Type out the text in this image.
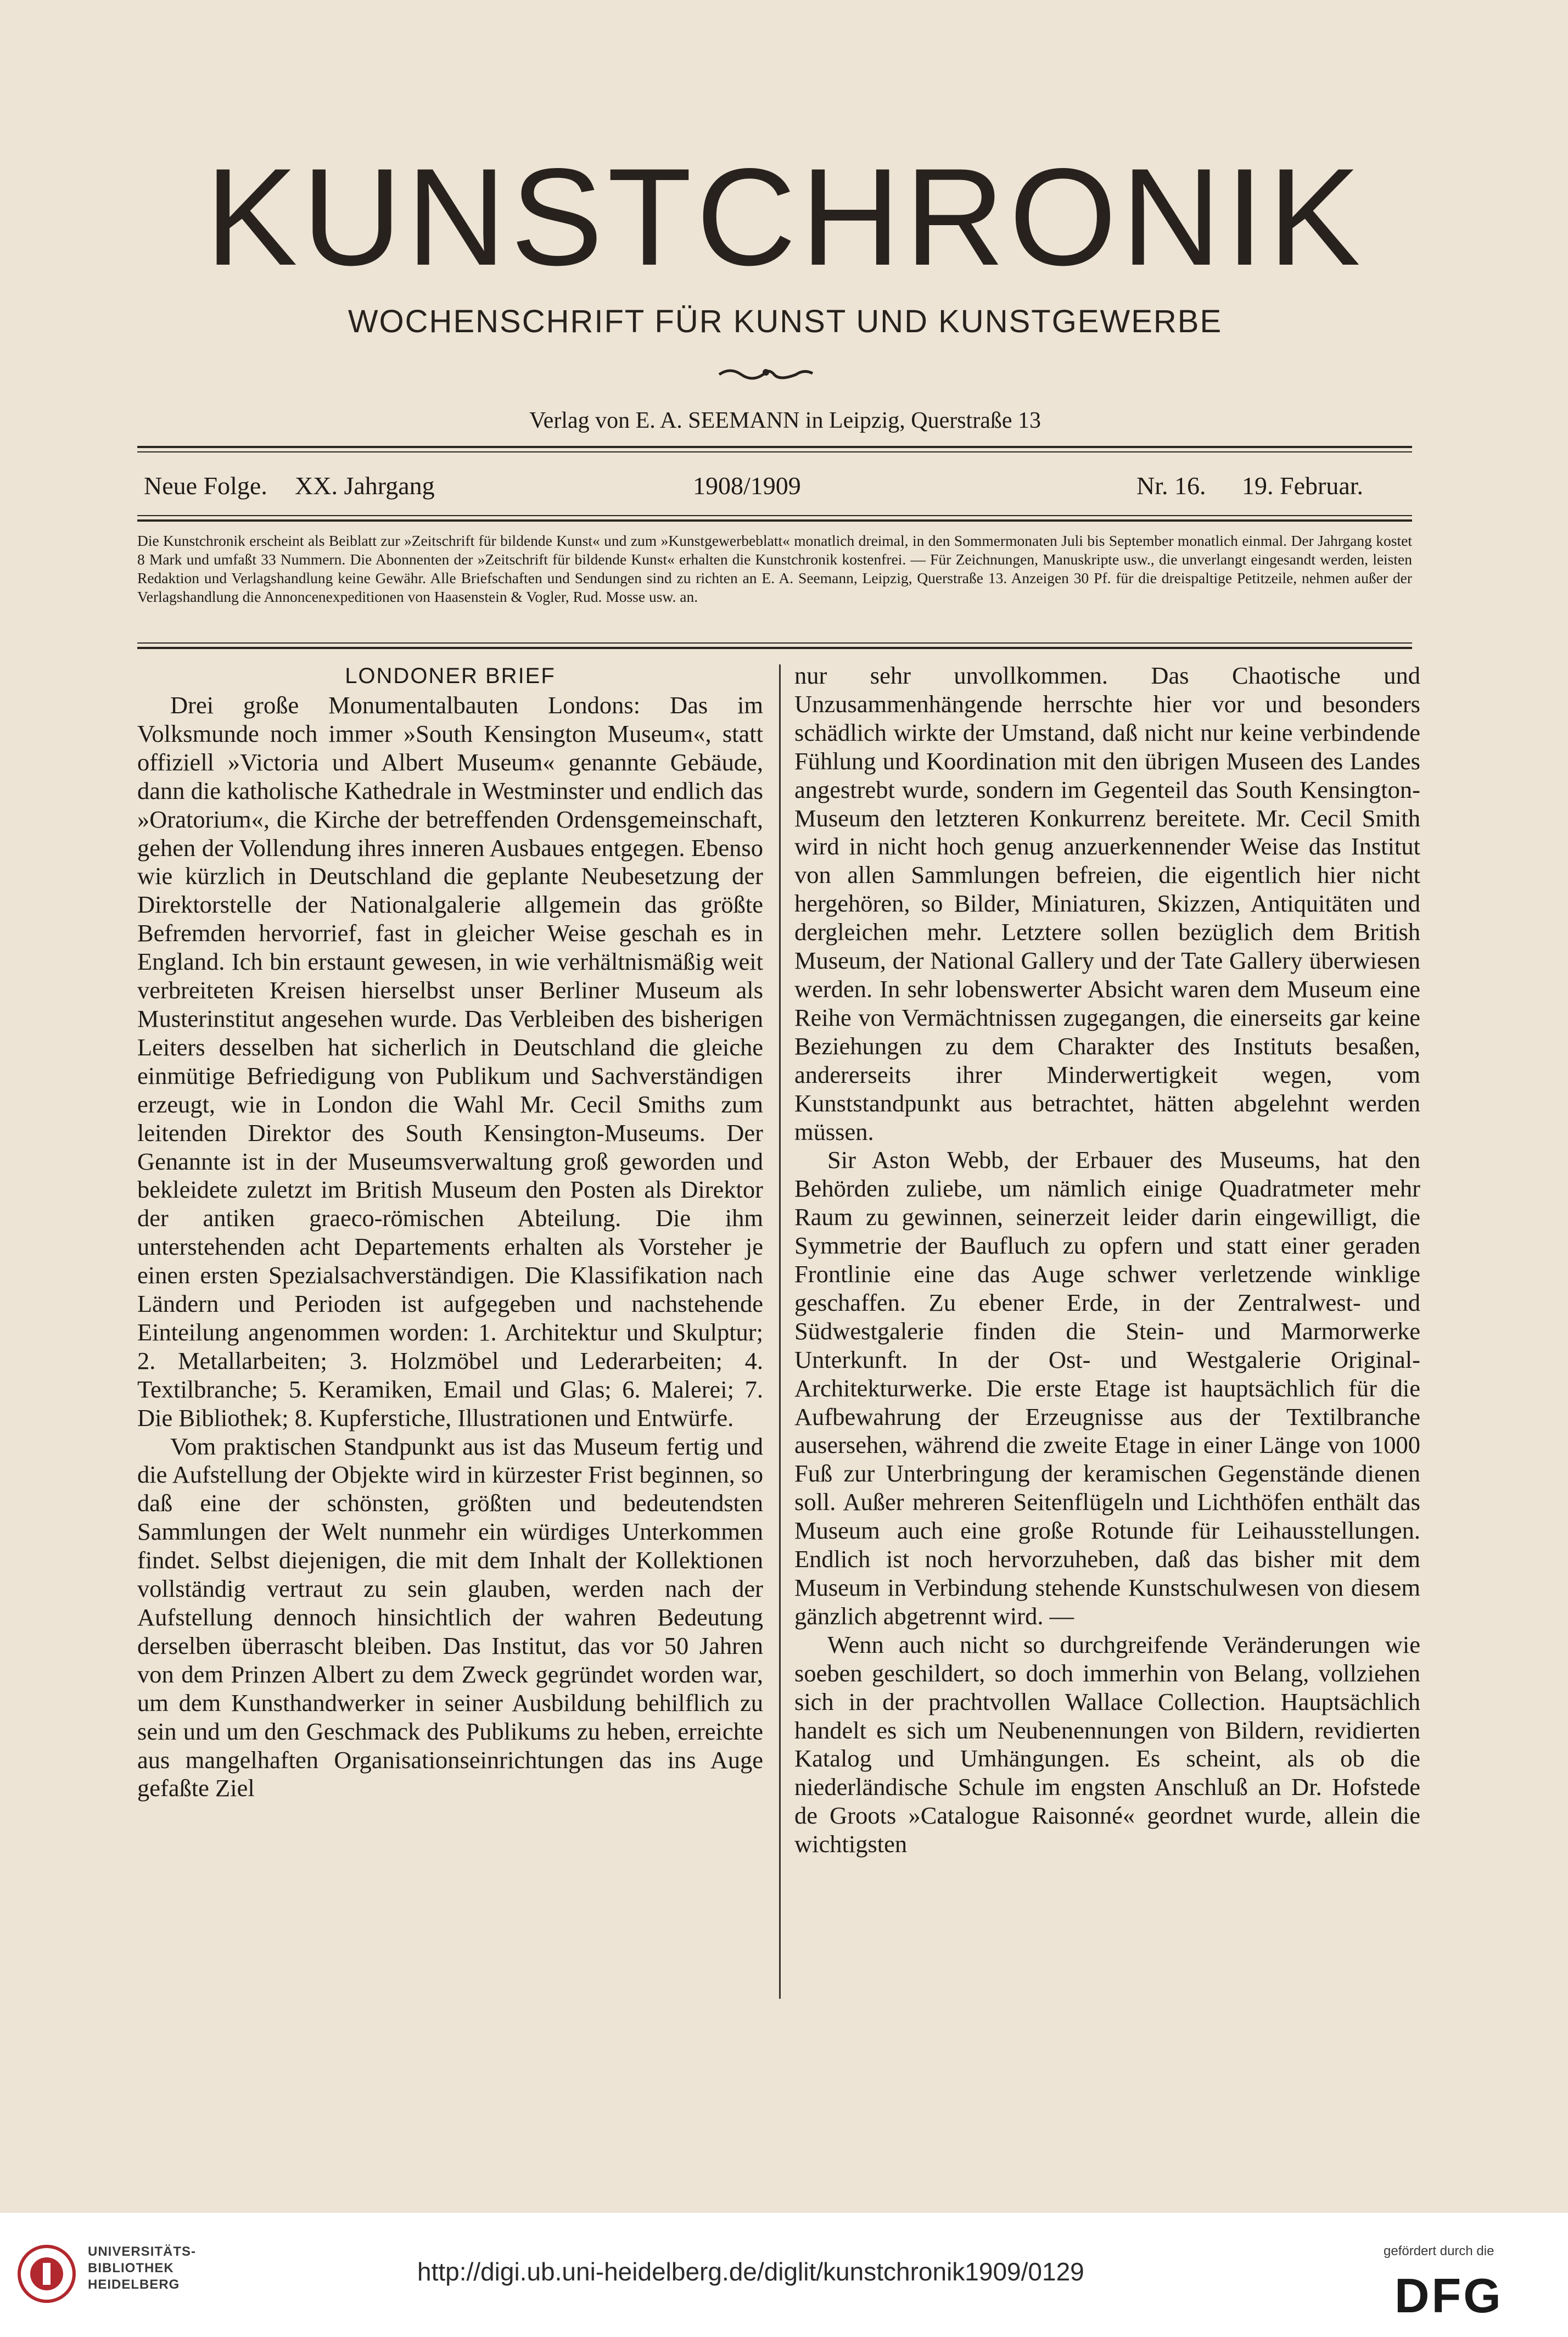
KUNSTCHRONIK
WOCHENSCHRIFT FÜR KUNST UND KUNSTGEWERBE
Verlag von E. A. SEEMANN in Leipzig, Querstraße 13
Neue Folge. XX. Jahrgang	1908/1909	Nr. 16. 19. Februar.
Die Kunstchronik erscheint als Beiblatt zur »Zeitschrift für bildende Kunst« und zum »Kunstgewerbeblatt« monatlich dreimal, in den Sommermonaten Juli bis September monatlich einmal. Der Jahrgang kostet 8 Mark und umfaßt 33 Nummern. Die Abonnenten der »Zeitschrift für bildende Kunst« erhalten die Kunstchronik kostenfrei. — Für Zeichnungen, Manuskripte usw., die unverlangt eingesandt werden, leisten Redaktion und Verlagshandlung keine Gewähr. Alle Briefschaften und Sendungen sind zu richten an E. A. Seemann, Leipzig, Querstraße 13. Anzeigen 30 Pf. für die dreispaltige Petitzeile, nehmen außer der Verlagshandlung die Annoncenexpeditionen von Haasenstein & Vogler, Rud. Mosse usw. an.
LONDONER BRIEF

Drei große Monumentalbauten Londons: Das im Volksmunde noch immer »South Kensington Museum«, statt offiziell »Victoria und Albert Museum« genannte Gebäude, dann die katholische Kathedrale in Westminster und endlich das »Oratorium«, die Kirche der betreffenden Ordensgemeinschaft, gehen der Vollendung ihres inneren Ausbaues entgegen. Ebenso wie kürzlich in Deutschland die geplante Neubesetzung der Direktorstelle der Nationalgalerie allgemein das größte Befremden hervorrief, fast in gleicher Weise geschah es in England. Ich bin erstaunt gewesen, in wie verhältnismäßig weit verbreiteten Kreisen hierselbst unser Berliner Museum als Musterinstitut angesehen wurde. Das Verbleiben des bisherigen Leiters desselben hat sicherlich in Deutschland die gleiche einmütige Befriedigung von Publikum und Sachverständigen erzeugt, wie in London die Wahl Mr. Cecil Smiths zum leitenden Direktor des South Kensington-Museums. Der Genannte ist in der Museumsverwaltung groß geworden und bekleidete zuletzt im British Museum den Posten als Direktor der antiken graeco-römischen Abteilung. Die ihm unterstehenden acht Departements erhalten als Vorsteher je einen ersten Spezialsachverständigen. Die Klassifikation nach Ländern und Perioden ist aufgegeben und nachstehende Einteilung angenommen worden: 1. Architektur und Skulptur; 2. Metallarbeiten; 3. Holzmöbel und Lederarbeiten; 4. Textilbranche; 5. Keramiken, Email und Glas; 6. Malerei; 7. Die Bibliothek; 8. Kupferstiche, Illustrationen und Entwürfe.

Vom praktischen Standpunkt aus ist das Museum fertig und die Aufstellung der Objekte wird in kürzester Frist beginnen, so daß eine der schönsten, größten und bedeutendsten Sammlungen der Welt nunmehr ein würdiges Unterkommen findet. Selbst diejenigen, die mit dem Inhalt der Kollektionen vollständig vertraut zu sein glauben, werden nach der Aufstellung dennoch hinsichtlich der wahren Bedeutung derselben überrascht bleiben. Das Institut, das vor 50 Jahren von dem Prinzen Albert zu dem Zweck gegründet worden war, um dem Kunsthandwerker in seiner Ausbildung behilflich zu sein und um den Geschmack des Publikums zu heben, erreichte aus mangelhaften Organisationseinrichtungen das ins Auge gefaßte Ziel

nur sehr unvollkommen. Das Chaotische und Unzusammenhängende herrschte hier vor und besonders schädlich wirkte der Umstand, daß nicht nur keine verbindende Fühlung und Koordination mit den übrigen Museen des Landes angestrebt wurde, sondern im Gegenteil das South Kensington-Museum den letzteren Konkurrenz bereitete. Mr. Cecil Smith wird in nicht hoch genug anzuerkennender Weise das Institut von allen Sammlungen befreien, die eigentlich hier nicht hergehören, so Bilder, Miniaturen, Skizzen, Antiquitäten und dergleichen mehr. Letztere sollen bezüglich dem British Museum, der National Gallery und der Tate Gallery überwiesen werden. In sehr lobenswerter Absicht waren dem Museum eine Reihe von Vermächtnissen zugegangen, die einerseits gar keine Beziehungen zu dem Charakter des Instituts besaßen, andererseits ihrer Minderwertigkeit wegen, vom Kunststandpunkt aus betrachtet, hätten abgelehnt werden müssen.

Sir Aston Webb, der Erbauer des Museums, hat den Behörden zuliebe, um nämlich einige Quadratmeter mehr Raum zu gewinnen, seinerzeit leider darin eingewilligt, die Symmetrie der Baufluch zu opfern und statt einer geraden Frontlinie eine das Auge schwer verletzende winklige geschaffen. Zu ebener Erde, in der Zentralwest- und Südwestgalerie finden die Stein- und Marmorwerke Unterkunft. In der Ost- und Westgalerie Original-Architekturwerke. Die erste Etage ist hauptsächlich für die Aufbewahrung der Erzeugnisse aus der Textilbranche ausersehen, während die zweite Etage in einer Länge von 1000 Fuß zur Unterbringung der keramischen Gegenstände dienen soll. Außer mehreren Seitenflügeln und Lichthöfen enthält das Museum auch eine große Rotunde für Leihausstellungen. Endlich ist noch hervorzuheben, daß das bisher mit dem Museum in Verbindung stehende Kunstschulwesen von diesem gänzlich abgetrennt wird. —

Wenn auch nicht so durchgreifende Veränderungen wie soeben geschildert, so doch immerhin von Belang, vollziehen sich in der prachtvollen Wallace Collection. Hauptsächlich handelt es sich um Neubenennungen von Bildern, revidierten Katalog und Umhängungen. Es scheint, als ob die niederländische Schule im engsten Anschluß an Dr. Hofstede de Groots »Catalogue Raisonné« geordnet wurde, allein die wichtigsten

UNIVERSITÄTS-
BIBLIOTHEK
HEIDELBERG	http://digi.ub.uni-heidelberg.de/diglit/kunstchronik1909/0129
gefördert durch die
DFG
